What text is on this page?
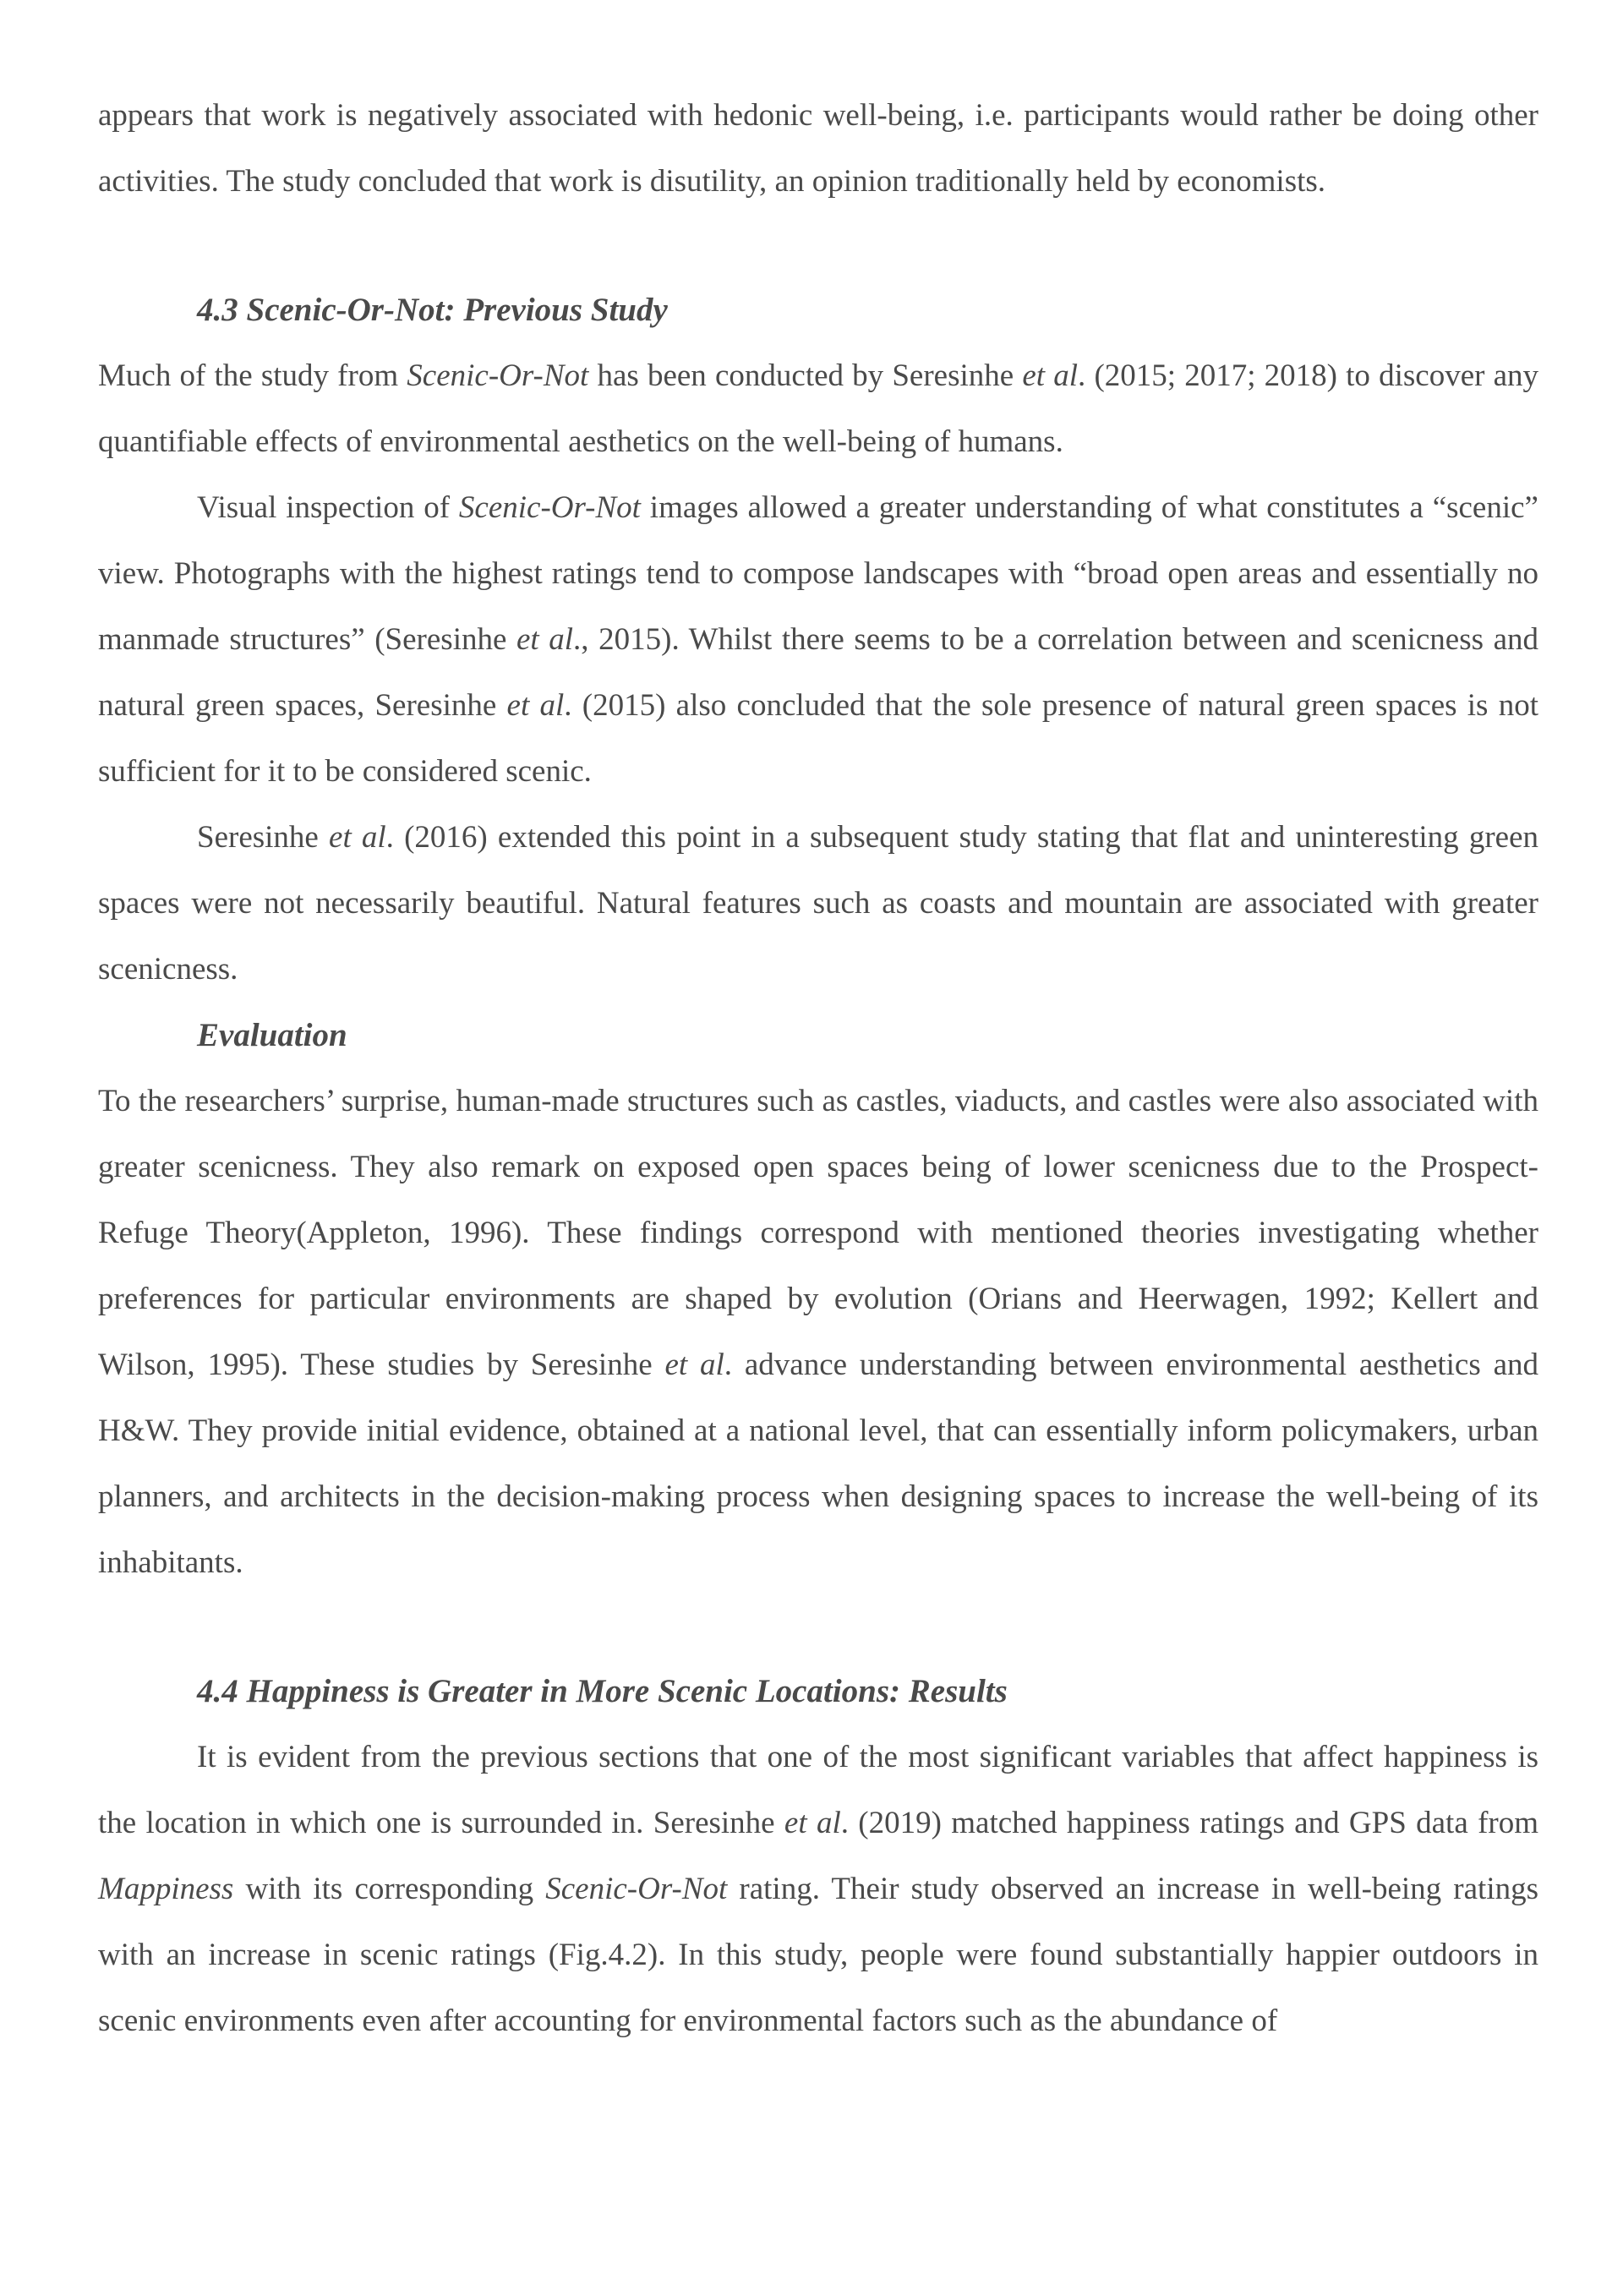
appears that work is negatively associated with hedonic well-being, i.e. participants would rather be doing other activities. The study concluded that work is disutility, an opinion traditionally held by economists.

4.3 Scenic-Or-Not: Previous Study

Much of the study from Scenic-Or-Not has been conducted by Seresinhe et al. (2015; 2017; 2018) to discover any quantifiable effects of environmental aesthetics on the well-being of humans.

Visual inspection of Scenic-Or-Not images allowed a greater understanding of what constitutes a “scenic” view. Photographs with the highest ratings tend to compose landscapes with “broad open areas and essentially no manmade structures” (Seresinhe et al., 2015). Whilst there seems to be a correlation between and scenicness and natural green spaces, Seresinhe et al. (2015) also concluded that the sole presence of natural green spaces is not sufficient for it to be considered scenic.

Seresinhe et al. (2016) extended this point in a subsequent study stating that flat and uninteresting green spaces were not necessarily beautiful. Natural features such as coasts and mountain are associated with greater scenicness.

Evaluation

To the researchers’ surprise, human-made structures such as castles, viaducts, and castles were also associated with greater scenicness. They also remark on exposed open spaces being of lower scenicness due to the Prospect-Refuge Theory(Appleton, 1996). These findings correspond with mentioned theories investigating whether preferences for particular environments are shaped by evolution (Orians and Heerwagen, 1992; Kellert and Wilson, 1995). These studies by Seresinhe et al. advance understanding between environmental aesthetics and H&W. They provide initial evidence, obtained at a national level, that can essentially inform policymakers, urban planners, and architects in the decision-making process when designing spaces to increase the well-being of its inhabitants.

4.4 Happiness is Greater in More Scenic Locations: Results

It is evident from the previous sections that one of the most significant variables that affect happiness is the location in which one is surrounded in. Seresinhe et al. (2019) matched happiness ratings and GPS data from Mappiness with its corresponding Scenic-Or-Not rating. Their study observed an increase in well-being ratings with an increase in scenic ratings (Fig.4.2). In this study, people were found substantially happier outdoors in scenic environments even after accounting for environmental factors such as the abundance of
